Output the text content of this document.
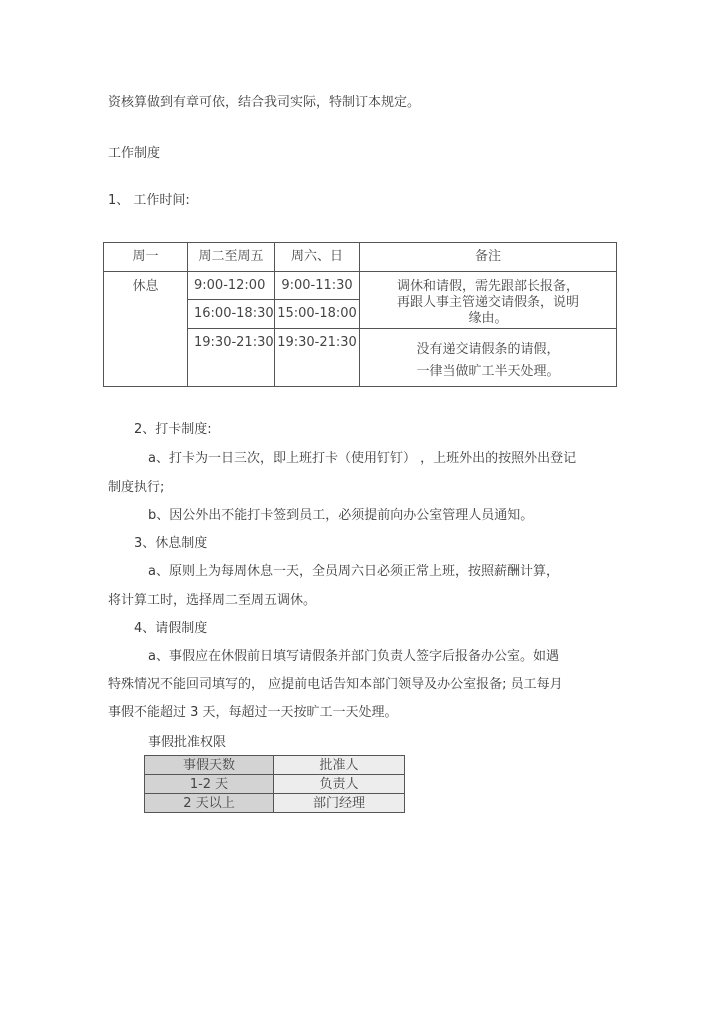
资核算做到有章可依，结合我司实际，特制订本规定。
工作制度
1、 工作时间:
周一	周二至周五	周六、日	备注

休息	9:00-12:00	9:00-11:30	调休和请假，需先跟部长报备，
再跟人事主管递交请假条，说明
缘由。

	16:00-18:30	15:00-18:00	

	19:30-21:30	19:30-21:30	没有递交请假条的请假，
一律当做旷工半天处理。
2、打卡制度:
a、打卡为一日三次，即上班打卡（使用钉钉） ，上班外出的按照外出登记
制度执行;
b、因公外出不能打卡签到员工，必须提前向办公室管理人员通知。
3、休息制度
a、原则上为每周休息一天，全员周六日必须正常上班，按照薪酬计算，
将计算工时，选择周二至周五调休。
4、请假制度
a、事假应在休假前日填写请假条并部门负责人签字后报备办公室。如遇
特殊情况不能回司填写的， 应提前电话告知本部门领导及办公室报备; 员工每月
事假不能超过 3 天，每超过一天按旷工一天处理。
事假批准权限
事假天数	批准人
1-2 天	负责人
2 天以上	部门经理
